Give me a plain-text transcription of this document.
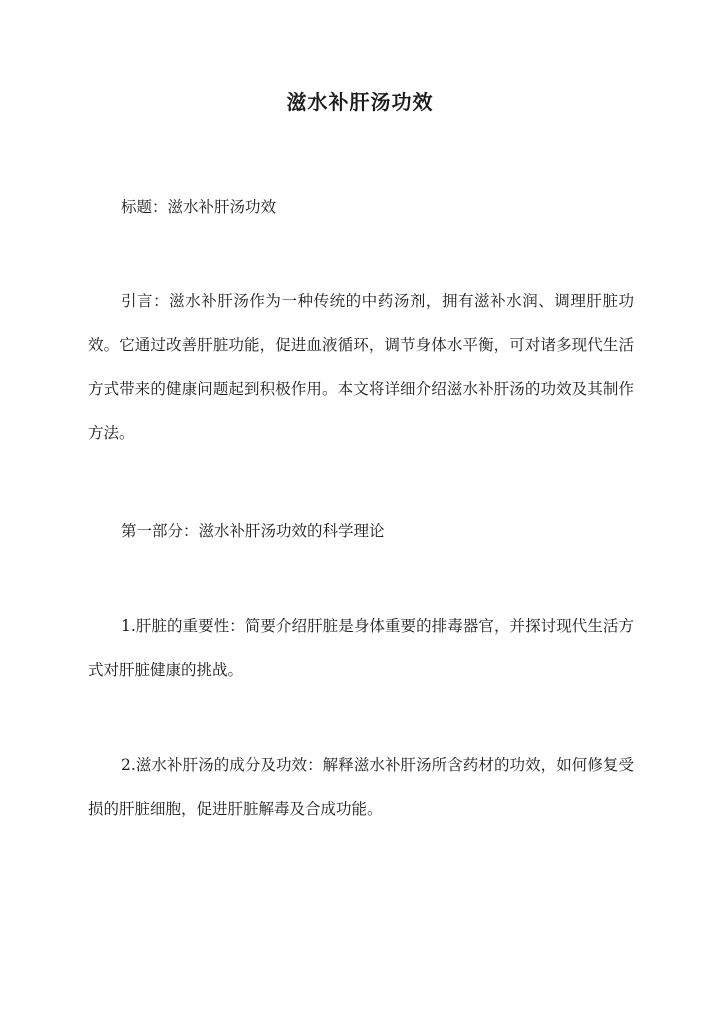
滋水补肝汤功效

标题：滋水补肝汤功效

引言：滋水补肝汤作为一种传统的中药汤剂，拥有滋补水润、调理肝脏功效。它通过改善肝脏功能，促进血液循环，调节身体水平衡，可对诸多现代生活方式带来的健康问题起到积极作用。本文将详细介绍滋水补肝汤的功效及其制作方法。

第一部分：滋水补肝汤功效的科学理论

1.肝脏的重要性：简要介绍肝脏是身体重要的排毒器官，并探讨现代生活方式对肝脏健康的挑战。

2.滋水补肝汤的成分及功效：解释滋水补肝汤所含药材的功效，如何修复受损的肝脏细胞，促进肝脏解毒及合成功能。
